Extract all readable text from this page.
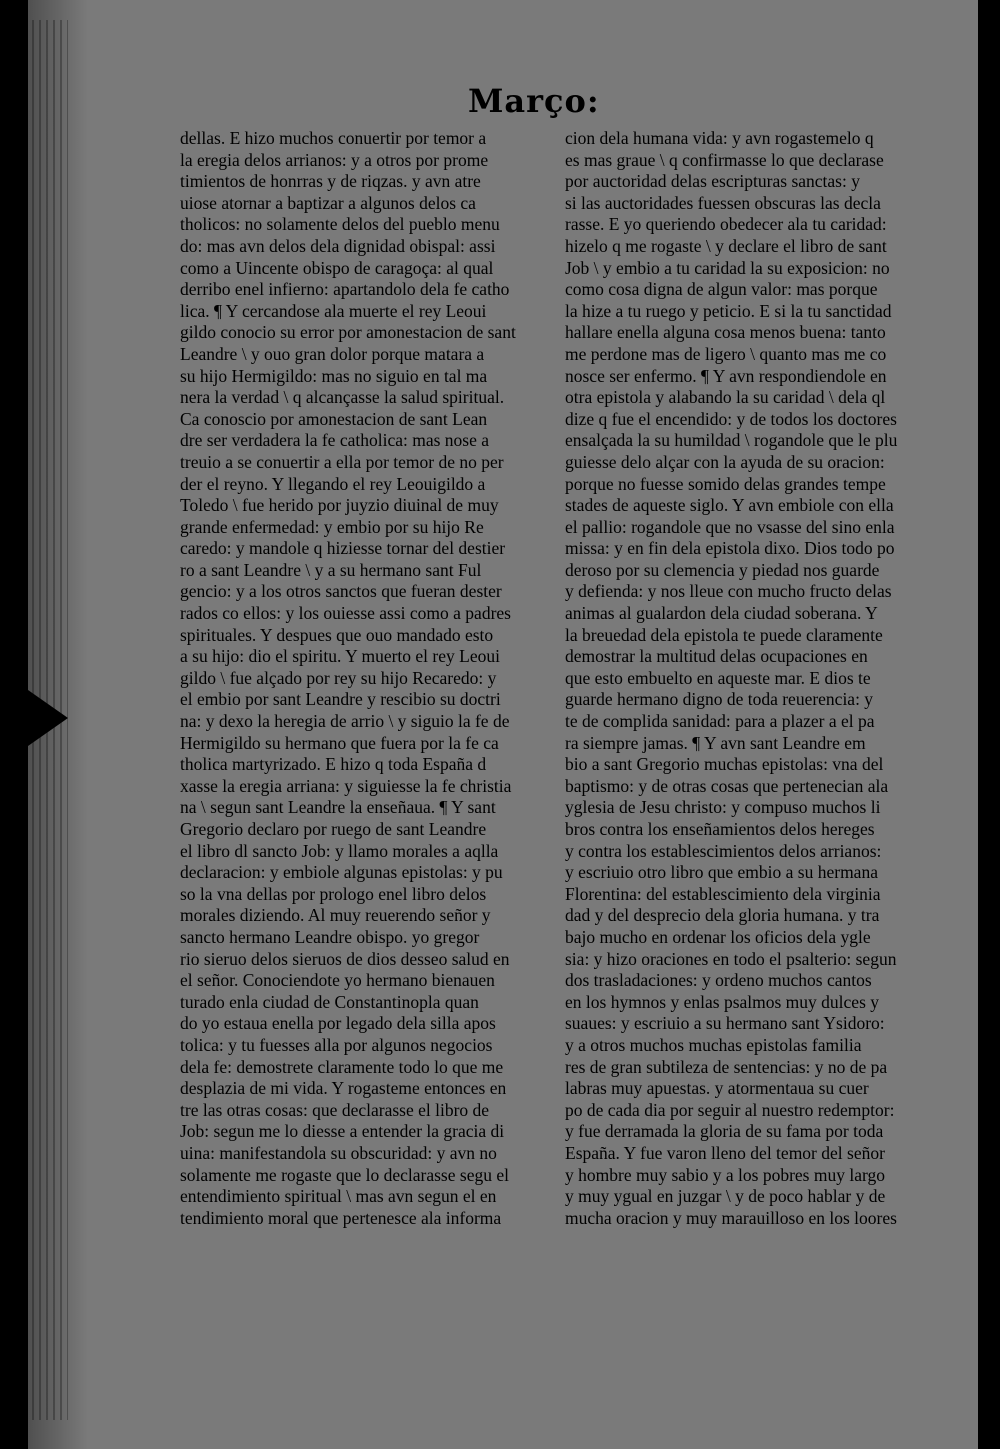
Março:
dellas. E hizo muchos conuertir por temor a
la eregia delos arrianos: y a otros por prome
timientos de honrras y de riqzas. y avn atre
uiose atornar a baptizar a algunos delos ca
tholicos: no solamente delos del pueblo menu
do: mas avn delos dela dignidad obispal: assi
como a Uincente obispo de caragoça: al qual
derribo enel infierno: apartandolo dela fe catho
lica. ¶ Y cercandose ala muerte el rey Leoui
gildo conocio su error por amonestacion de sant
Leandre \ y ouo gran dolor porque matara a
su hijo Hermigildo: mas no siguio en tal ma
nera la verdad \ q alcançasse la salud spiritual.
Ca conoscio por amonestacion de sant Lean
dre ser verdadera la fe catholica: mas nose a
treuio a se conuertir a ella por temor de no per
der el reyno. Y llegando el rey Leouigildo a
Toledo \ fue herido por juyzio diuinal de muy
grande enfermedad: y embio por su hijo Re
caredo: y mandole q hiziesse tornar del destier
ro a sant Leandre \ y a su hermano sant Ful
gencio: y a los otros sanctos que fueran dester
rados co ellos: y los ouiesse assi como a padres
spirituales. Y despues que ouo mandado esto
a su hijo: dio el spiritu. Y muerto el rey Leoui
gildo \ fue alçado por rey su hijo Recaredo: y
el embio por sant Leandre y rescibio su doctri
na: y dexo la heregia de arrio \ y siguio la fe de
Hermigildo su hermano que fuera por la fe ca
tholica martyrizado. E hizo q toda España d
xasse la eregia arriana: y siguiesse la fe christia
na \ segun sant Leandre la enseñaua. ¶ Y sant
Gregorio declaro por ruego de sant Leandre
el libro dl sancto Job: y llamo morales a aqlla
declaracion: y embiole algunas epistolas: y pu
so la vna dellas por prologo enel libro delos
morales diziendo. Al muy reuerendo señor y
sancto hermano Leandre obispo. yo gregor
rio sieruo delos sieruos de dios desseo salud en
el señor. Conociendote yo hermano bienauen
turado enla ciudad de Constantinopla quan
do yo estaua enella por legado dela silla apos
tolica: y tu fuesses alla por algunos negocios
dela fe: demostrete claramente todo lo que me
desplazia de mi vida. Y rogasteme entonces en
tre las otras cosas: que declarasse el libro de
Job: segun me lo diesse a entender la gracia di
uina: manifestandola su obscuridad: y avn no
solamente me rogaste que lo declarasse segu el
entendimiento spiritual \ mas avn segun el en
tendimiento moral que pertenesce ala informa
cion dela humana vida: y avn rogastemelo q
es mas graue \ q confirmasse lo que declarase
por auctoridad delas escripturas sanctas: y
si las auctoridades fuessen obscuras las decla
rasse. E yo queriendo obedecer ala tu caridad:
hizelo q me rogaste \ y declare el libro de sant
Job \ y embio a tu caridad la su exposicion: no
como cosa digna de algun valor: mas porque
la hize a tu ruego y peticio. E si la tu sanctidad
hallare enella alguna cosa menos buena: tanto
me perdone mas de ligero \ quanto mas me co
nosce ser enfermo. ¶ Y avn respondiendole en
otra epistola y alabando la su caridad \ dela ql
dize q fue el encendido: y de todos los doctores
ensalçada la su humildad \ rogandole que le plu
guiesse delo alçar con la ayuda de su oracion:
porque no fuesse somido delas grandes tempe
stades de aqueste siglo. Y avn embiole con ella
el pallio: rogandole que no vsasse del sino enla
missa: y en fin dela epistola dixo. Dios todo po
deroso por su clemencia y piedad nos guarde
y defienda: y nos lleue con mucho fructo delas
animas al gualardon dela ciudad soberana. Y
la breuedad dela epistola te puede claramente
demostrar la multitud delas ocupaciones en
que esto embuelto en aqueste mar. E dios te
guarde hermano digno de toda reuerencia: y
te de complida sanidad: para a plazer a el pa
ra siempre jamas. ¶ Y avn sant Leandre em
bio a sant Gregorio muchas epistolas: vna del
baptismo: y de otras cosas que pertenecian ala
yglesia de Jesu christo: y compuso muchos li
bros contra los enseñamientos delos hereges
y contra los establescimientos delos arrianos:
y escriuio otro libro que embio a su hermana
Florentina: del establescimiento dela virginia
dad y del desprecio dela gloria humana. y tra
bajo mucho en ordenar los oficios dela ygle
sia: y hizo oraciones en todo el psalterio: segun
dos trasladaciones: y ordeno muchos cantos
en los hymnos y enlas psalmos muy dulces y
suaues: y escriuio a su hermano sant Ysidoro:
y a otros muchos muchas epistolas familia
res de gran subtileza de sentencias: y no de pa
labras muy apuestas. y atormentaua su cuer
po de cada dia por seguir al nuestro redemptor:
y fue derramada la gloria de su fama por toda
España. Y fue varon lleno del temor del señor
y hombre muy sabio y a los pobres muy largo
y muy ygual en juzgar \ y de poco hablar y de
mucha oracion y muy marauilloso en los loores
